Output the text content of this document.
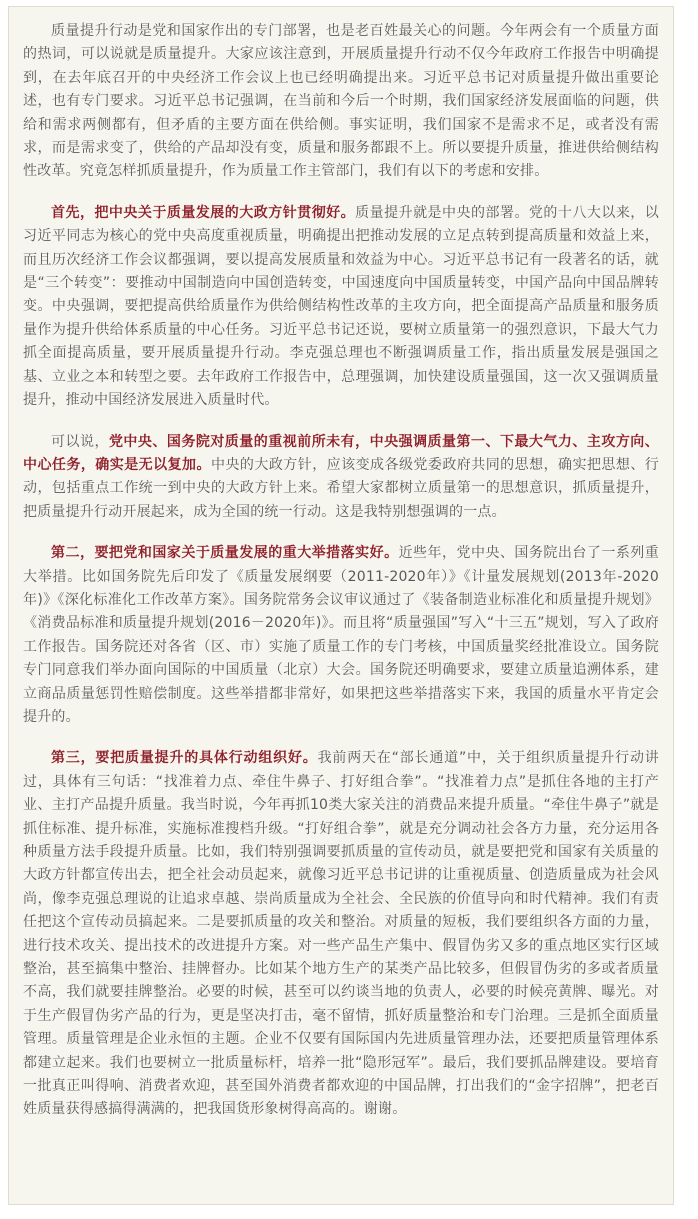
质量提升行动是党和国家作出的专门部署，也是老百姓最关心的问题。今年两会有一个质量方面的热词，可以说就是质量提升。大家应该注意到，开展质量提升行动不仅今年政府工作报告中明确提到，在去年底召开的中央经济工作会议上也已经明确提出来。习近平总书记对质量提升做出重要论述，也有专门要求。习近平总书记强调，在当前和今后一个时期，我们国家经济发展面临的问题，供给和需求两侧都有，但矛盾的主要方面在供给侧。事实证明，我们国家不是需求不足，或者没有需求，而是需求变了，供给的产品却没有变，质量和服务都跟不上。所以要提升质量，推进供给侧结构性改革。究竟怎样抓质量提升，作为质量工作主管部门，我们有以下的考虑和安排。

首先，把中央关于质量发展的大政方针贯彻好。质量提升就是中央的部署。党的十八大以来，以习近平同志为核心的党中央高度重视质量，明确提出把推动发展的立足点转到提高质量和效益上来，而且历次经济工作会议都强调，要以提高发展质量和效益为中心。习近平总书记有一段著名的话，就是“三个转变”：要推动中国制造向中国创造转变，中国速度向中国质量转变，中国产品向中国品牌转变。中央强调，要把提高供给质量作为供给侧结构性改革的主攻方向，把全面提高产品质量和服务质量作为提升供给体系质量的中心任务。习近平总书记还说，要树立质量第一的强烈意识，下最大气力抓全面提高质量，要开展质量提升行动。李克强总理也不断强调质量工作，指出质量发展是强国之基、立业之本和转型之要。去年政府工作报告中，总理强调，加快建设质量强国，这一次又强调质量提升，推动中国经济发展进入质量时代。

可以说，党中央、国务院对质量的重视前所未有，中央强调质量第一、下最大气力、主攻方向、中心任务，确实是无以复加。中央的大政方针，应该变成各级党委政府共同的思想，确实把思想、行动，包括重点工作统一到中央的大政方针上来。希望大家都树立质量第一的思想意识，抓质量提升，把质量提升行动开展起来，成为全国的统一行动。这是我特别想强调的一点。

第二，要把党和国家关于质量发展的重大举措落实好。近些年，党中央、国务院出台了一系列重大举措。比如国务院先后印发了《质量发展纲要（2011-2020年）》《计量发展规划(2013年-2020年)》《深化标准化工作改革方案》。国务院常务会议审议通过了《装备制造业标准化和质量提升规划》《消费品标准和质量提升规划(2016－2020年)》。而且将“质量强国”写入“十三五”规划，写入了政府工作报告。国务院还对各省（区、市）实施了质量工作的专门考核，中国质量奖经批准设立。国务院专门同意我们举办面向国际的中国质量（北京）大会。国务院还明确要求，要建立质量追溯体系，建立商品质量惩罚性赔偿制度。这些举措都非常好，如果把这些举措落实下来，我国的质量水平肯定会提升的。

第三，要把质量提升的具体行动组织好。我前两天在“部长通道”中，关于组织质量提升行动讲过，具体有三句话：“找准着力点、牵住牛鼻子、打好组合拳”。“找准着力点”是抓住各地的主打产业、主打产品提升质量。我当时说，今年再抓10类大家关注的消费品来提升质量。“牵住牛鼻子”就是抓住标准、提升标准，实施标准搜档升级。“打好组合拳”，就是充分调动社会各方力量，充分运用各种质量方法手段提升质量。比如，我们特别强调要抓质量的宣传动员，就是要把党和国家有关质量的大政方针都宣传出去，把全社会动员起来，就像习近平总书记讲的让重视质量、创造质量成为社会风尚，像李克强总理说的让追求卓越、崇尚质量成为全社会、全民族的价值导向和时代精神。我们有责任把这个宣传动员搞起来。二是要抓质量的攻关和整治。对质量的短板，我们要组织各方面的力量，进行技术攻关、提出技术的改进提升方案。对一些产品生产集中、假冒伪劣又多的重点地区实行区域整治，甚至搞集中整治、挂牌督办。比如某个地方生产的某类产品比较多，但假冒伪劣的多或者质量不高，我们就要挂牌整治。必要的时候，甚至可以约谈当地的负责人，必要的时候亮黄牌、曝光。对于生产假冒伪劣产品的行为，更是坚决打击，毫不留情，抓好质量整治和专门治理。三是抓全面质量管理。质量管理是企业永恒的主题。企业不仅要有国际国内先进质量管理办法，还要把质量管理体系都建立起来。我们也要树立一批质量标杆，培养一批“隐形冠军”。最后，我们要抓品牌建设。要培育一批真正叫得响、消费者欢迎，甚至国外消费者都欢迎的中国品牌，打出我们的“金字招牌”，把老百姓质量获得感搞得满满的，把我国货形象树得高高的。谢谢。
